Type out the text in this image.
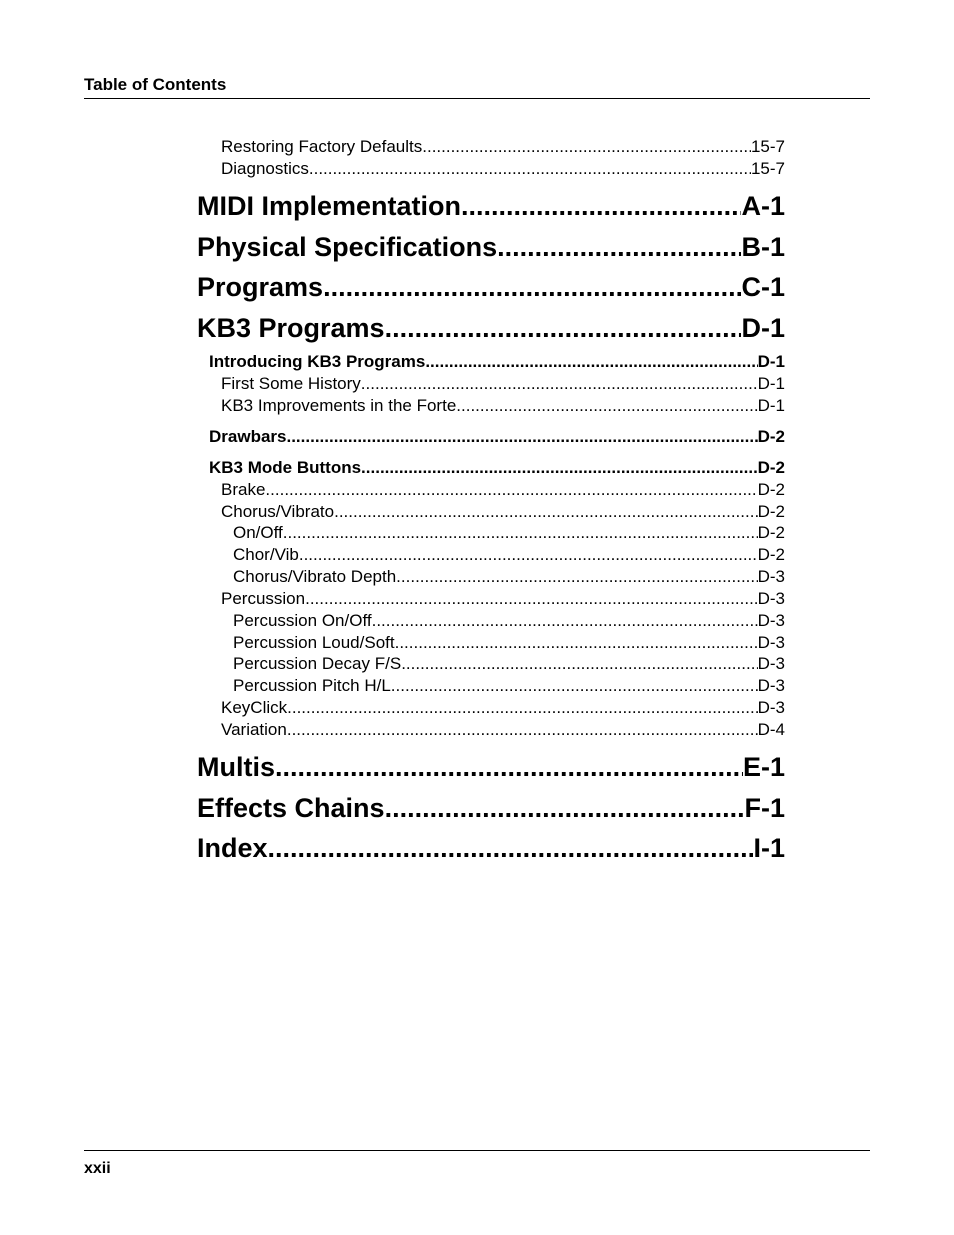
Table of Contents
Restoring Factory Defaults .....	15-7
Diagnostics .....	15-7
MIDI Implementation .....	A-1
Physical Specifications .....	B-1
Programs .....	C-1
KB3 Programs .....	D-1
Introducing KB3 Programs .....	D-1
First Some History .....	D-1
KB3 Improvements in the Forte .....	D-1
Drawbars .....	D-2
KB3 Mode Buttons .....	D-2
Brake .....	D-2
Chorus/Vibrato .....	D-2
On/Off .....	D-2
Chor/Vib .....	D-2
Chorus/Vibrato Depth .....	D-3
Percussion .....	D-3
Percussion On/Off .....	D-3
Percussion Loud/Soft .....	D-3
Percussion Decay F/S .....	D-3
Percussion Pitch H/L .....	D-3
KeyClick .....	D-3
Variation .....	D-4
Multis .....	E-1
Effects Chains .....	F-1
Index .....	I-1
xxii
